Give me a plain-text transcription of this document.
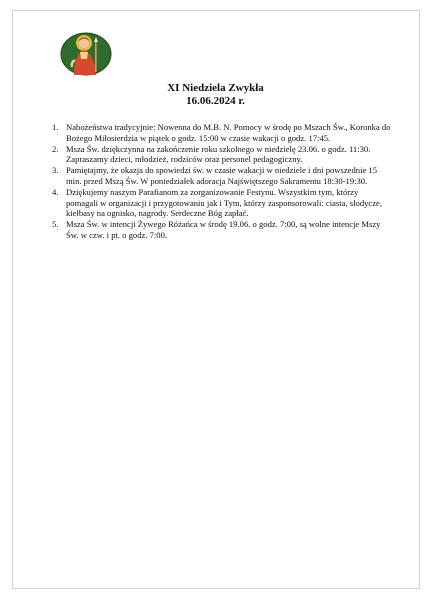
XI Niedziela Zwykła
16.06.2024 r.
1. Nabożeństwa tradycyjnie: Nowenna do M.B. N. Pomocy w środę po Mszach Św., Koronka do Bożego Miłosierdzia w piątek o godz. 15:00 w czasie wakacji o godz. 17:45.
2. Msza Św. dziękczynna na zakończenie roku szkolnego w niedzielę 23.06. o godz. 11:30. Zapraszamy dzieci, młodzież, rodziców oraz personel pedagogiczny.
3. Pamiętajmy, że okazja do spowiedzi św. w czasie wakacji w niedziele i dni powszednie 15 min. przed Mszą Św. W poniedziałek adoracja Najświętszego Sakramentu 18:30-19:30.
4. Dziękujemy naszym Parafianom za zorganizowanie Festynu. Wszystkim tym, którzy pomagali w organizacji i przygotowaniu jak i Tym, którzy zasponsorowali: ciasta, słodycze, kiełbasy na ognisko, nagrody. Serdeczne Bóg zapłać.
5. Msza Św. w intencji Żywego Różańca w środę 19.06. o godz. 7:00, są wolne intencje Mszy Św. w czw. i pt. o godz. 7:00.
